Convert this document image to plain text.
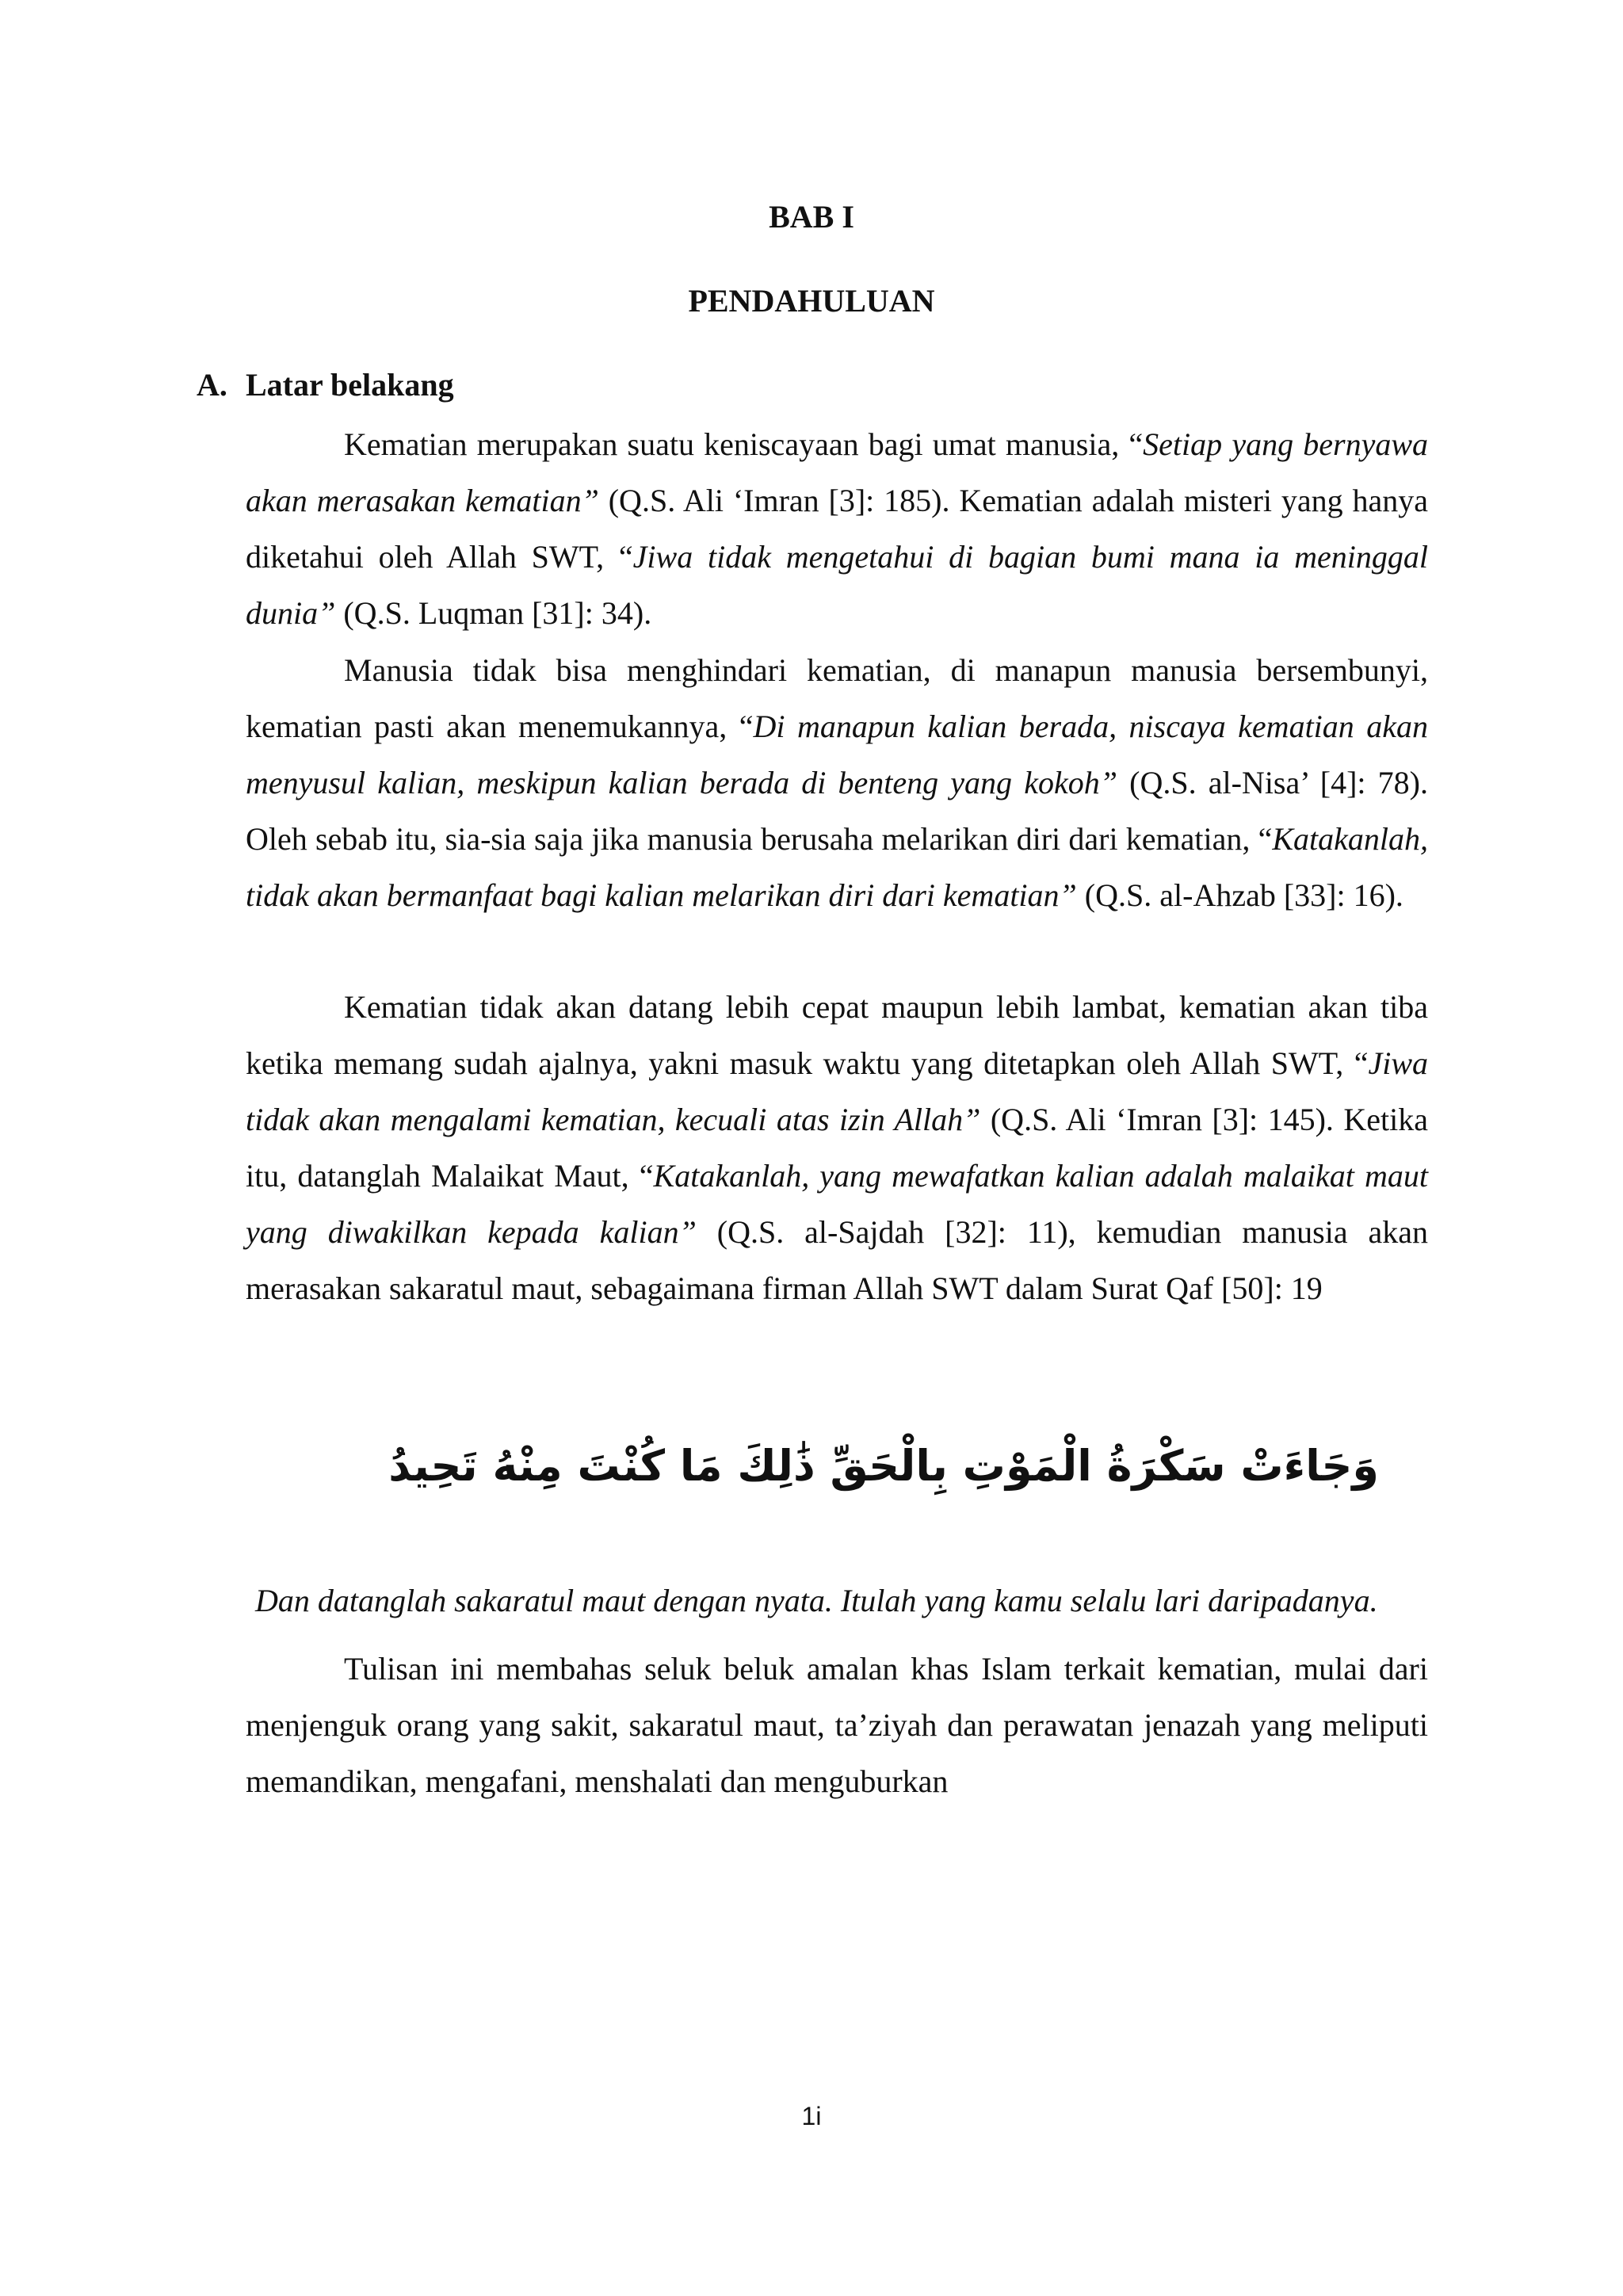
BAB I
PENDAHULUAN
A. Latar belakang

Kematian merupakan suatu keniscayaan bagi umat manusia, “Setiap yang bernyawa akan merasakan kematian” (Q.S. Ali ‘Imran [3]: 185). Kematian adalah misteri yang hanya diketahui oleh Allah SWT, “Jiwa tidak mengetahui di bagian bumi mana ia meninggal dunia” (Q.S. Luqman [31]: 34).

Manusia tidak bisa menghindari kematian, di manapun manusia bersembunyi, kematian pasti akan menemukannya, “Di manapun kalian berada, niscaya kematian akan menyusul kalian, meskipun kalian berada di benteng yang kokoh” (Q.S. al-Nisa’ [4]: 78). Oleh sebab itu, sia-sia saja jika manusia berusaha melarikan diri dari kematian, “Katakanlah, tidak akan bermanfaat bagi kalian melarikan diri dari kematian” (Q.S. al-Ahzab [33]: 16).

Kematian tidak akan datang lebih cepat maupun lebih lambat, kematian akan tiba ketika memang sudah ajalnya, yakni masuk waktu yang ditetapkan oleh Allah SWT, “Jiwa tidak akan mengalami kematian, kecuali atas izin Allah” (Q.S. Ali ‘Imran [3]: 145). Ketika itu, datanglah Malaikat Maut, “Katakanlah, yang mewafatkan kalian adalah malaikat maut yang diwakilkan kepada kalian” (Q.S. al-Sajdah [32]: 11), kemudian manusia akan merasakan sakaratul maut, sebagaimana firman Allah SWT dalam Surat Qaf [50]: 19

وَجَاءَتْ سَكْرَةُ الْمَوْتِ بِالْحَقِّ ذَٰلِكَ مَا كُنْتَ مِنْهُ تَحِيدُ
Dan datanglah sakaratul maut dengan nyata. Itulah yang kamu selalu lari daripadanya.

Tulisan ini membahas seluk beluk amalan khas Islam terkait kematian, mulai dari menjenguk orang yang sakit, sakaratul maut, ta’ziyah dan perawatan jenazah yang meliputi memandikan, mengafani, menshalati dan menguburkan

1i
